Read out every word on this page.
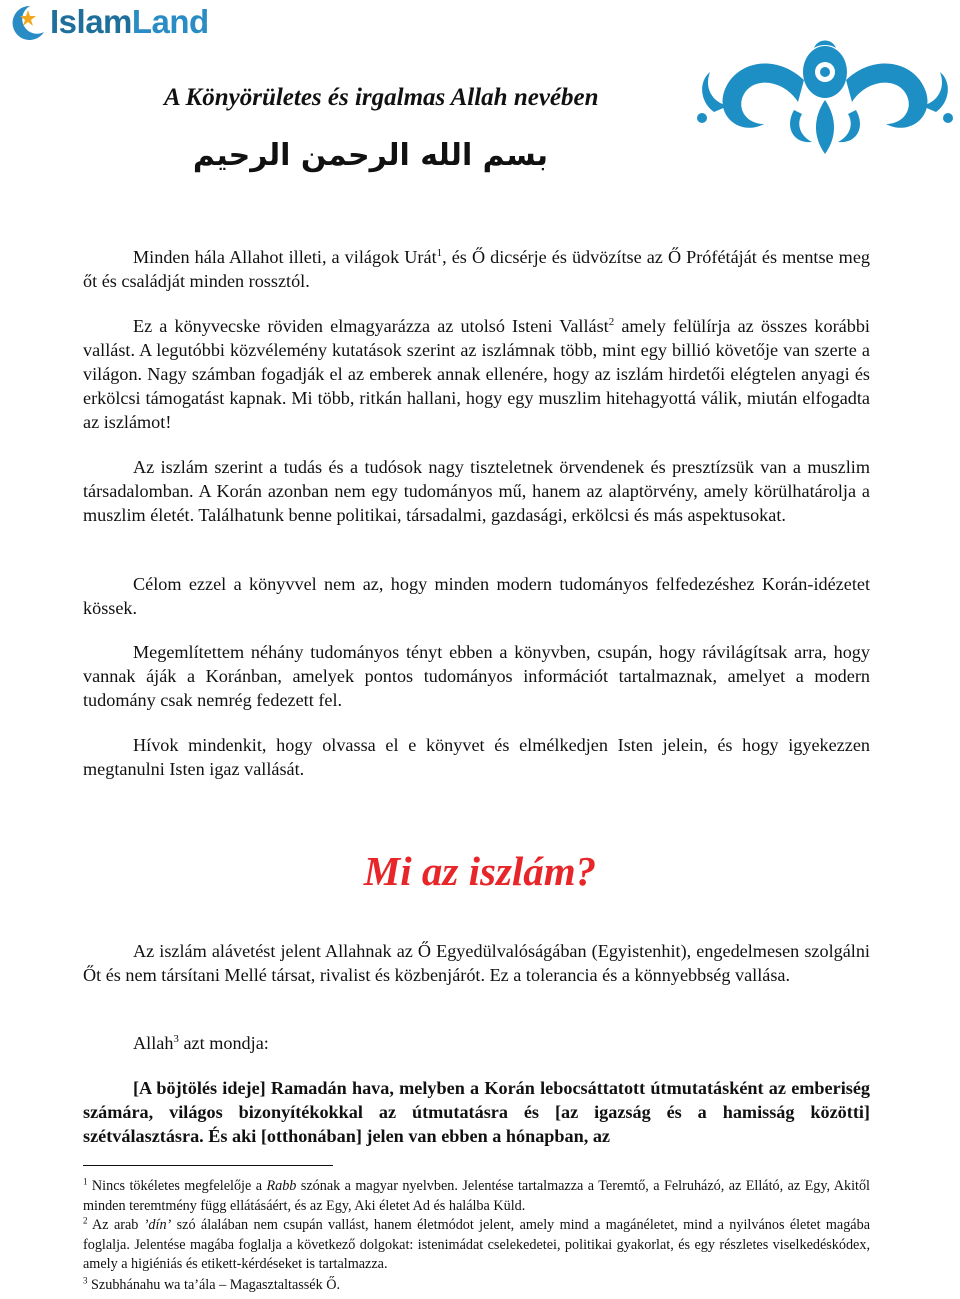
IslamLand
A Könyörületes és irgalmas Allah nevében
بسم الله الرحمن الرحيم

Minden hála Allahot illeti, a világok Urát$^1$, és Ő dicsérje és üdvözítse az Ő Prófétáját és mentse meg őt és családját minden rossztól.

Ez a könyvecske röviden elmagyarázza az utolsó Isteni Vallást$^2$ amely felülírja az összes korábbi vallást. A legutóbbi közvélemény kutatások szerint az iszlámnak több, mint egy billió követője van szerte a világon. Nagy számban fogadják el az emberek annak ellenére, hogy az iszlám hirdetői elégtelen anyagi és erkölcsi támogatást kapnak. Mi több, ritkán hallani, hogy egy muszlim hitehagyottá válik, miután elfogadta az iszlámot!

Az iszlám szerint a tudás és a tudósok nagy tiszteletnek örvendenek és presztízsük van a muszlim társadalomban. A Korán azonban nem egy tudományos mű, hanem az alaptörvény, amely körülhatárolja a muszlim életét. Találhatunk benne politikai, társadalmi, gazdasági, erkölcsi és más aspektusokat.

Célom ezzel a könyvvel nem az, hogy minden modern tudományos felfedezéshez Korán-idézetet kössek.

Megemlítettem néhány tudományos tényt ebben a könyvben, csupán, hogy rávilágítsak arra, hogy vannak áják a Koránban, amelyek pontos tudományos információt tartalmaznak, amelyet a modern tudomány csak nemrég fedezett fel.

Hívok mindenkit, hogy olvassa el e könyvet és elmélkedjen Isten jelein, és hogy igyekezzen megtanulni Isten igaz vallását.

Mi az iszlám?

Az iszlám alávetést jelent Allahnak az Ő Egyedülvalóságában (Egyistenhit), engedelmesen szolgálni Őt és nem társítani Mellé társat, rivalist és közbenjárót. Ez a tolerancia és a könnyebbség vallása.

Allah$^3$ azt mondja:

[A böjtölés ideje] Ramadán hava, melyben a Korán lebocsáttatott útmutatásként az emberiség számára, világos bizonyítékokkal az útmutatásra és [az igazság és a hamisság közötti] szétválasztásra. És aki [otthonában] jelen van ebben a hónapban, az

$^1$ Nincs tökéletes megfelelője a Rabb szónak a magyar nyelvben. Jelentése tartalmazza a Teremtő, a Felruházó, az Ellátó, az Egy, Akitől minden teremtmény függ ellátásáért, és az Egy, Aki életet Ad és halálba Küld.

$^2$ Az arab ’dín’ szó álalában nem csupán vallást, hanem életmódot jelent, amely mind a magánéletet, mind a nyilvános életet magába foglalja. Jelentése magába foglalja a következő dolgokat: istenimádat cselekedetei, politikai gyakorlat, és egy részletes viselkedéskódex, amely a higiéniás és etikett-kérdéseket is tartalmazza.

$^3$ Szubhánahu wa ta’ála – Magasztaltassék Ő.
